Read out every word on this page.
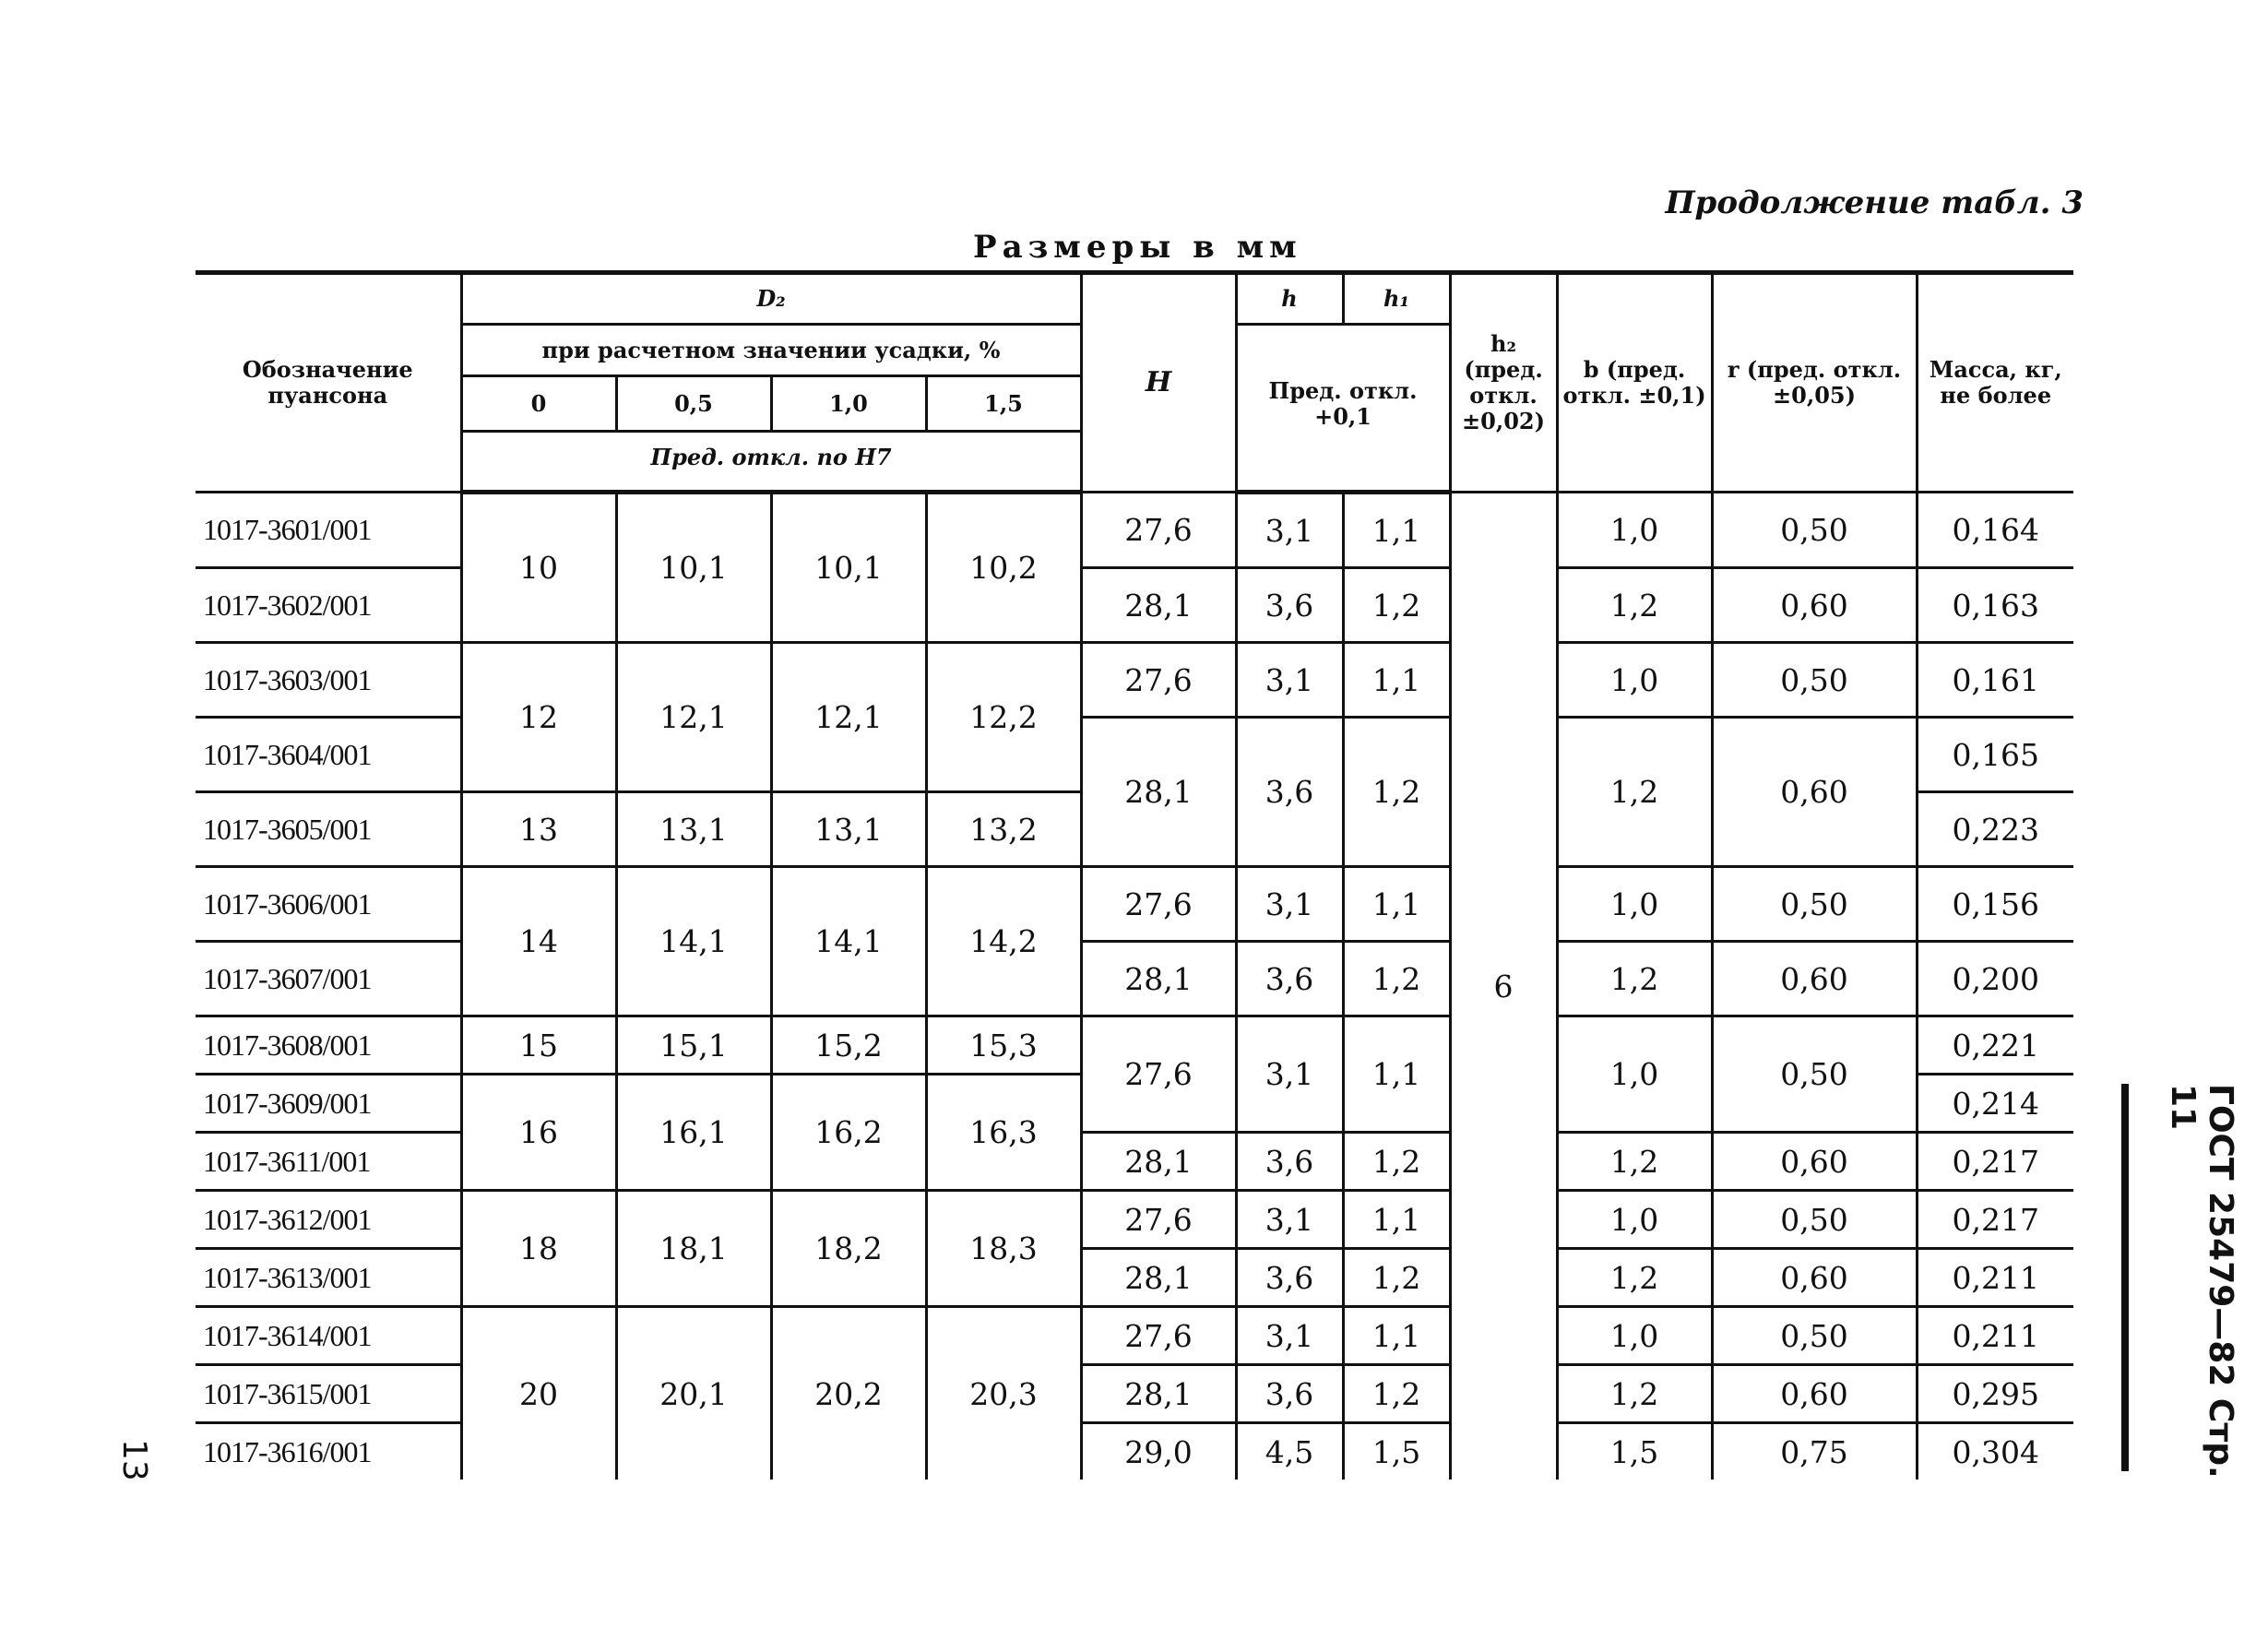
Продолжение табл. 3
Размеры в мм
Обозначение пуансона	D₂				H	h	h₁	h₂ (пред. откл. ±0,02)	b (пред. откл. ±0,1)	r (пред. откл. ±0,05)	Масса, кг, не более
	при расчетном значении усадки, %					Пред. откл. +0,1					
	0	0,5	1,0	1,5							
	Пред. откл. по H7										

1017-3601/001	10	10,1	10,1	10,2	27,6	3,1	1,1	6	1,0	0,50	0,164
1017-3602/001					28,1	3,6	1,2		1,2	0,60	0,163
1017-3603/001	12	12,1	12,1	12,2	27,6	3,1	1,1		1,0	0,50	0,161
1017-3604/001					28,1	3,6	1,2		1,2	0,60	0,165
1017-3605/001	13	13,1	13,1	13,2							0,223
1017-3606/001	14	14,1	14,1	14,2	27,6	3,1	1,1		1,0	0,50	0,156
1017-3607/001					28,1	3,6	1,2		1,2	0,60	0,200
1017-3608/001	15	15,1	15,2	15,3	27,6	3,1	1,1		1,0	0,50	0,221
1017-3609/001	16	16,1	16,2	16,3							0,214
1017-3611/001					28,1	3,6	1,2		1,2	0,60	0,217
1017-3612/001	18	18,1	18,2	18,3	27,6	3,1	1,1		1,0	0,50	0,217
1017-3613/001					28,1	3,6	1,2		1,2	0,60	0,211
1017-3614/001	20	20,1	20,2	20,3	27,6	3,1	1,1		1,0	0,50	0,211
1017-3615/001					28,1	3,6	1,2		1,2	0,60	0,295
1017-3616/001					29,0	4,5	1,5		1,5	0,75	0,304	ГОСТ 25479—82 Стр. 11
13
